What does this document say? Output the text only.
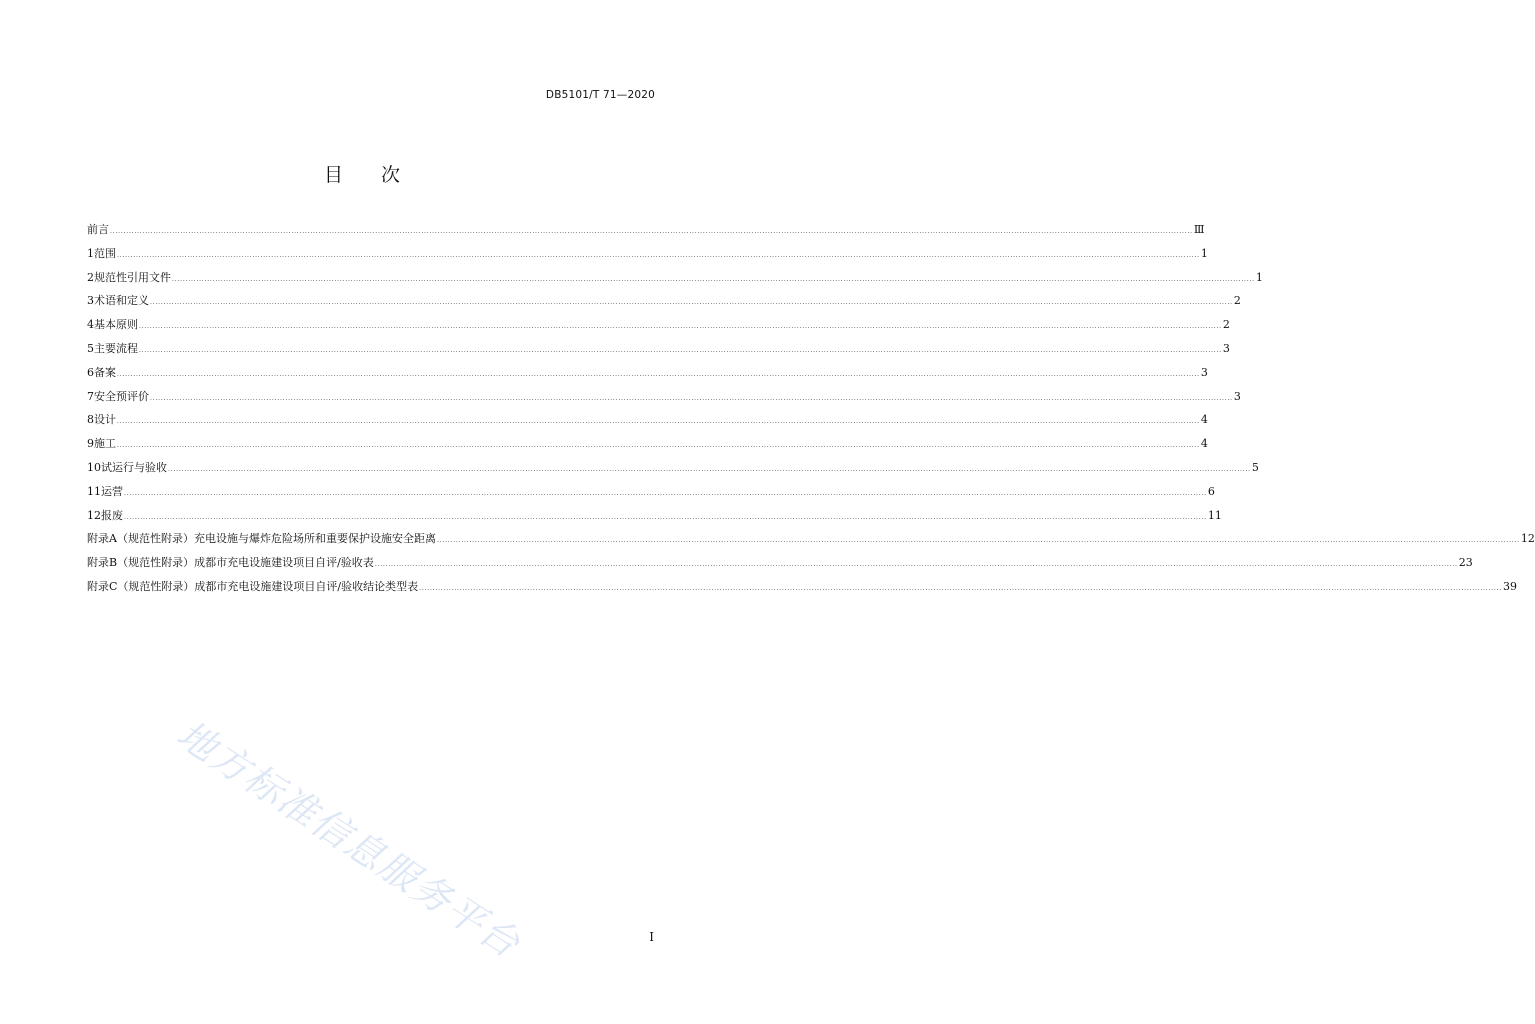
DB5101/T 71—2020
目 次
前 言 ................................................................................................................................................................................................................................................................................................................................................................................................................ Ⅲ
1 范围 ................................................................................................................................................................................................................................................................................................................................................................................................................ 1
2 规范性引用文件 ................................................................................................................................................................................................................................................................................................................................................................................................................ 1
3 术语和定义 ................................................................................................................................................................................................................................................................................................................................................................................................................ 2
4 基本原则 ................................................................................................................................................................................................................................................................................................................................................................................................................ 2
5 主要流程 ................................................................................................................................................................................................................................................................................................................................................................................................................ 3
6 备案 ................................................................................................................................................................................................................................................................................................................................................................................................................ 3
7 安全预评价 ................................................................................................................................................................................................................................................................................................................................................................................................................ 3
8 设计 ................................................................................................................................................................................................................................................................................................................................................................................................................ 4
9 施工 ................................................................................................................................................................................................................................................................................................................................................................................................................ 4
10 试运行与验收 ................................................................................................................................................................................................................................................................................................................................................................................................................ 5
11 运营 ................................................................................................................................................................................................................................................................................................................................................................................................................ 6
12 报废 ................................................................................................................................................................................................................................................................................................................................................................................................................ 11
附录A（规范性附录） 充电设施与爆炸危险场所和重要保护设施安全距离 ................................................................................................................................................................................................................................................................................................................................................................................................................ 12
附录B（规范性附录） 成都市充电设施建设项目自评/验收表 ................................................................................................................................................................................................................................................................................................................................................................................................................ 23
附录C（规范性附录） 成都市充电设施建设项目自评/验收结论类型表 ................................................................................................................................................................................................................................................................................................................................................................................................................ 39
地方标准信息服务平台	I
